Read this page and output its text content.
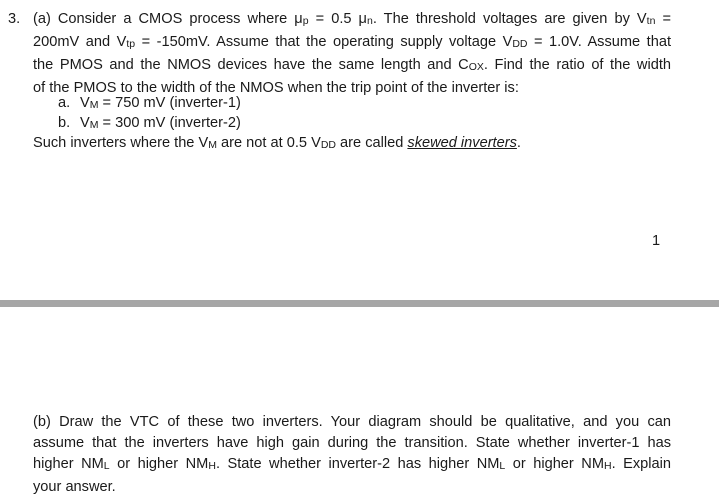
3. (a) Consider a CMOS process where μp = 0.5 μn. The threshold voltages are given by Vtn =
200mV and Vtp = -150mV. Assume that the operating supply voltage VDD = 1.0V. Assume that
the PMOS and the NMOS devices have the same length and COX. Find the ratio of the width
of the PMOS to the width of the NMOS when the trip point of the inverter is:
a. VM = 750 mV (inverter-1)
b. VM = 300 mV (inverter-2)
Such inverters where the VM are not at 0.5 VDD are called skewed inverters.
1
(b) Draw the VTC of these two inverters. Your diagram should be qualitative, and you can
assume that the inverters have high gain during the transition. State whether inverter-1 has
higher NML or higher NMH. State whether inverter-2 has higher NML or higher NMH. Explain
your answer.
